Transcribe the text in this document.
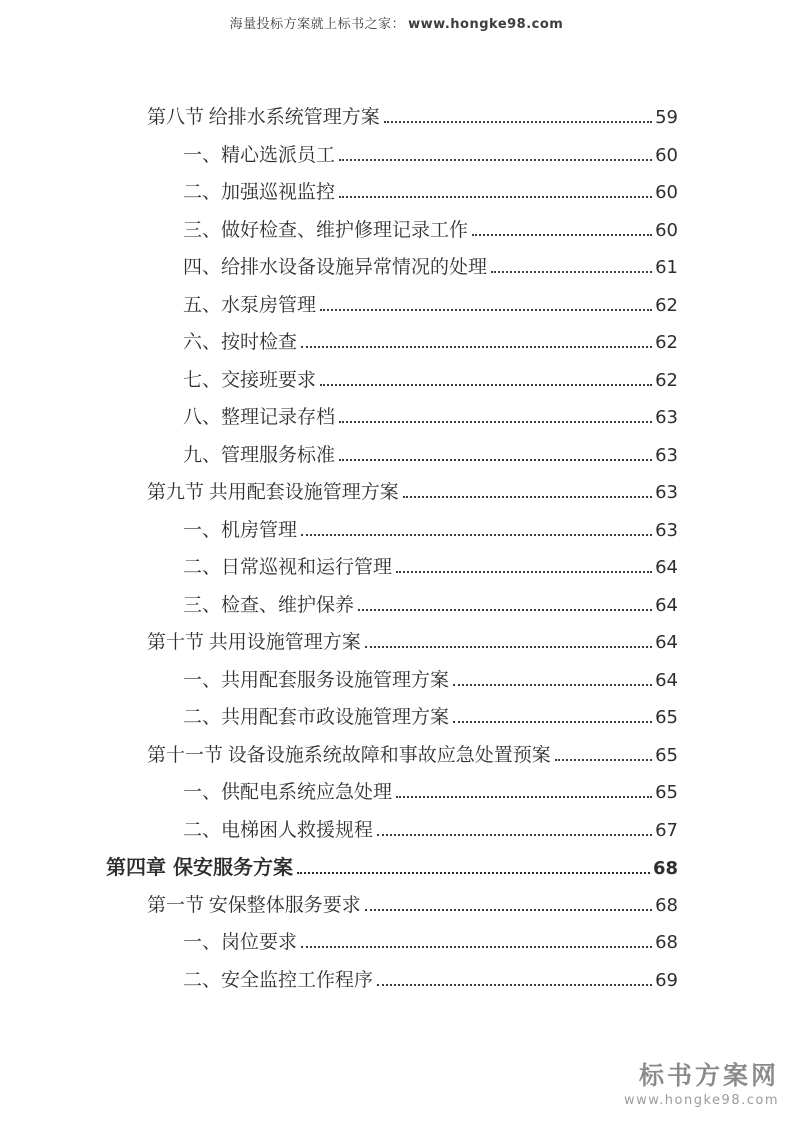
海量投标方案就上标书之家： www.hongke98.com
第八节 给排水系统管理方案	59
一、精心选派员工	60
二、加强巡视监控	60
三、做好检查、维护修理记录工作	60
四、给排水设备设施异常情况的处理	61
五、水泵房管理	62
六、按时检查	62
七、交接班要求	62
八、整理记录存档	63
九、管理服务标准	63
第九节 共用配套设施管理方案	63
一、机房管理	63
二、日常巡视和运行管理	64
三、检查、维护保养	64
第十节 共用设施管理方案	64
一、共用配套服务设施管理方案	64
二、共用配套市政设施管理方案	65
第十一节 设备设施系统故障和事故应急处置预案	65
一、供配电系统应急处理	65
二、电梯困人救援规程	67
第四章 保安服务方案	68
第一节 安保整体服务要求	68
一、岗位要求	68
二、安全监控工作程序	69
标书方案网
www.hongke98.com
